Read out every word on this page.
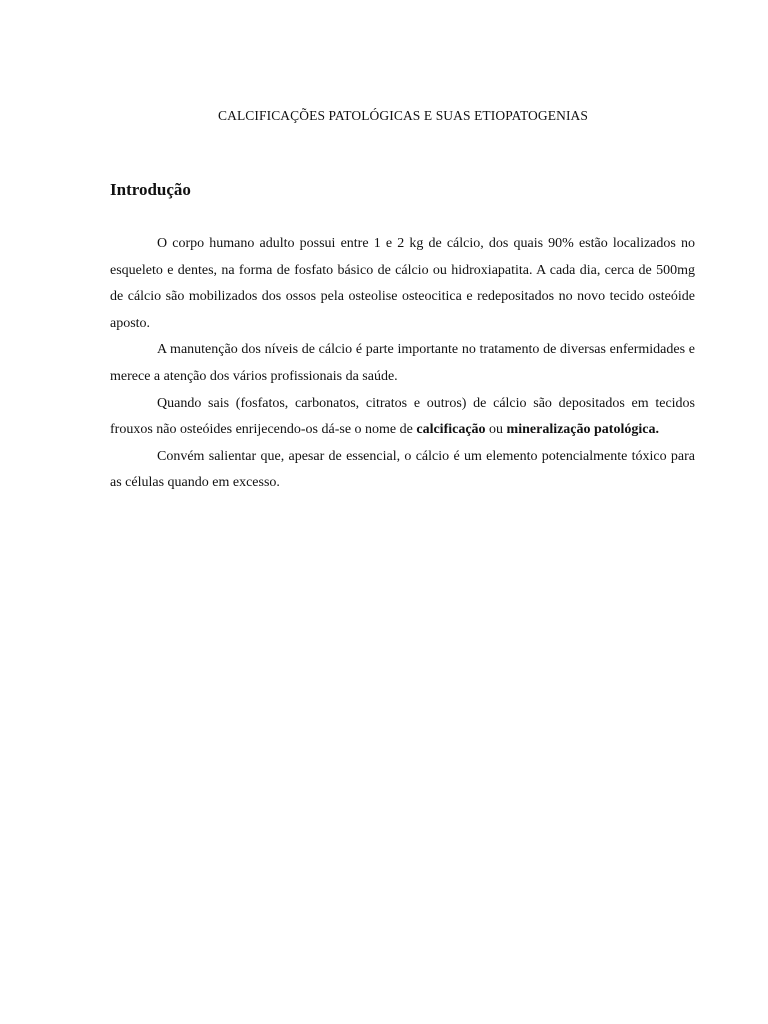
CALCIFICAÇÕES PATOLÓGICAS E SUAS ETIOPATOGENIAS
Introdução

O corpo humano adulto possui entre 1 e 2 kg de cálcio, dos quais 90% estão localizados no esqueleto e dentes, na forma de fosfato básico de cálcio ou hidroxiapatita. A cada dia, cerca de 500mg de cálcio são mobilizados dos ossos pela osteolise osteocitica e redepositados no novo tecido osteóide aposto.

A manutenção dos níveis de cálcio é parte importante no tratamento de diversas enfermidades e merece a atenção dos vários profissionais da saúde.

Quando sais (fosfatos, carbonatos, citratos e outros) de cálcio são depositados em tecidos frouxos não osteóides enrijecendo-os dá-se o nome de calcificação ou mineralização patológica.

Convém salientar que, apesar de essencial, o cálcio é um elemento potencialmente tóxico para as células quando em excesso.
